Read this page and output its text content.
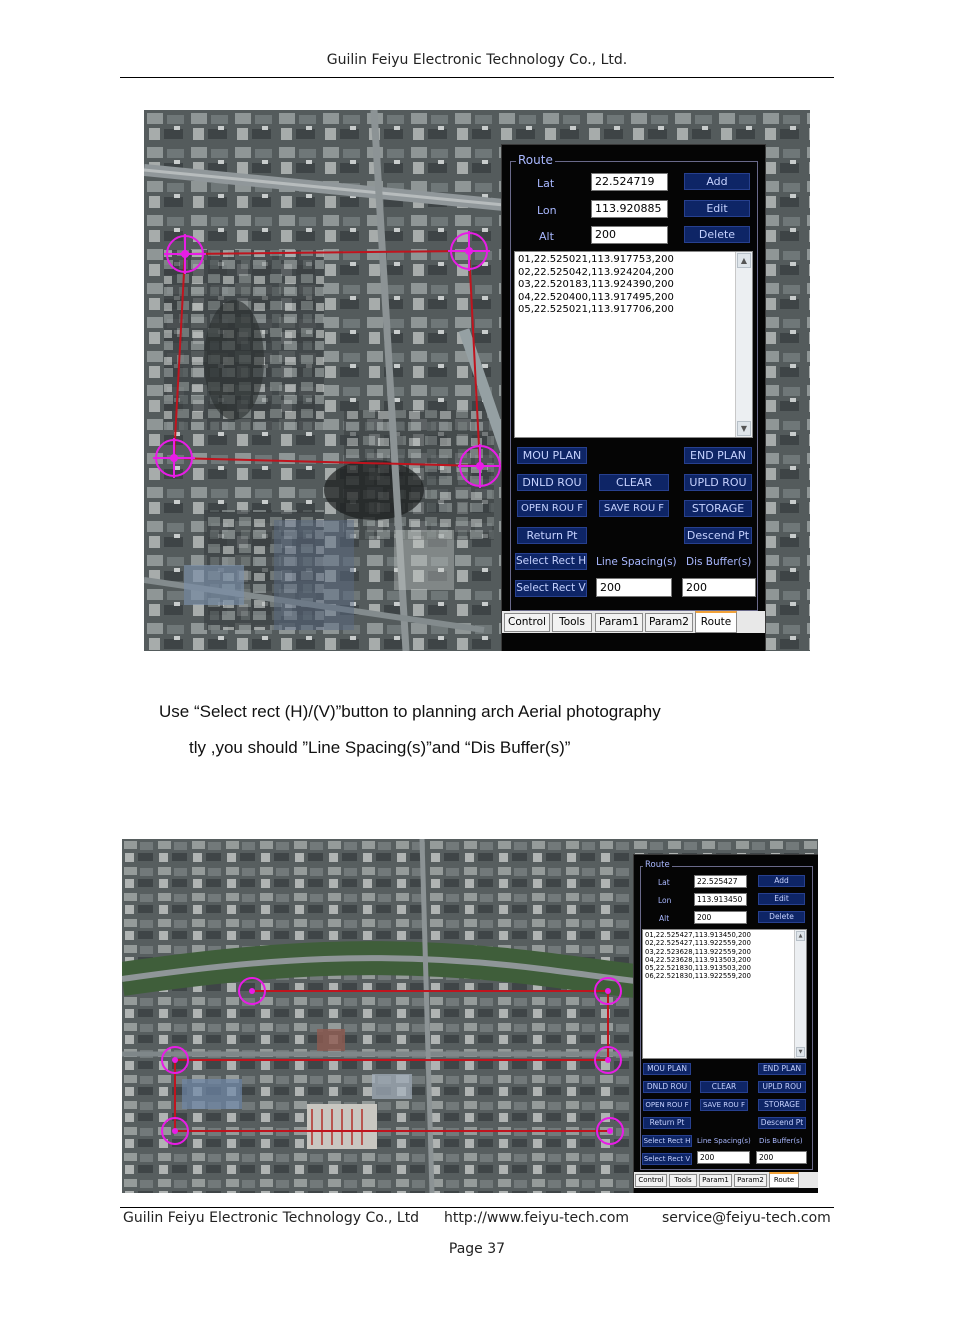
Guilin Feiyu Electronic Technology Co., Ltd.
Route
Lat	22.524719	Add
Lon	113.920885	Edit
Alt	200	Delete
01,22.525021,113.917753,200
02,22.525042,113.924204,200
03,22.520183,113.924390,200
04,22.520400,113.917495,200
05,22.525021,113.917706,200
▲
▼
MOU PLAN	END PLAN
DNLD ROU	CLEAR	UPLD ROU
OPEN ROU F	SAVE ROU F	STORAGE
Return Pt	Descend Pt
Select Rect H Line Spacing(s) Dis Buffer(s)
Select Rect V	200	200
Control	Tools	Param1 Param2	Route
Use “Select rect (H)/(V)”button to planning arch Aerial photography
tly ,you should ”Line Spacing(s)”and “Dis Buffer(s)”
Route
Lat	22.525427	Add
Lon	113.913450	Edit
Alt	200	Delete
01,22.525427,113.913450,200
02,22.525427,113.922559,200
03,22.523628,113.922559,200
04,22.523628,113.913503,200
05,22.521830,113.913503,200
06,22.521830,113.922559,200
▲
▼
MOU PLAN	END PLAN
DNLD ROU	CLEAR	UPLD ROU
OPEN ROU F	SAVE ROU F	STORAGE
Return Pt	Descend Pt
Select Rect H Line Spacing(s) Dis Buffer(s)
Select Rect V	200	200
Control	Tools	Param1	Param2	Route
Guilin Feiyu Electronic Technology Co., Ltd http://www.feiyu-tech.com service@feiyu-tech.com
Page 37
